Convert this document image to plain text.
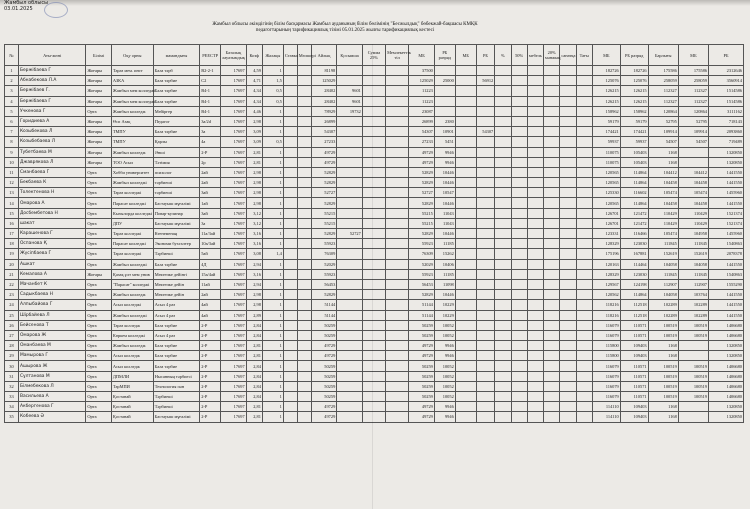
Жамбыл облысы
03.01.2025
Жамбыл облысы әкімдігінің білім басқармасы Жамбыл ауданының білім бөлімінің "Бесжылдық" бөбекжай-бақшасы КМҚК
педагогтарының тарификациялық тізімі 05.01.2025 жылғы тарификациялық кестесі
№	Аты-жөні	Білімі	Оқу орны	мамандығы	РЕЕСТР	Базалық лауазымдық	Коэф	Жалақы	Ставка	Мөлшері	Айлық	Қосымша	Сумма 25%	Мемлекеттік тіл	МБ	РБ разряд	МБ	РБ	%	50%	мебель	20% мәнжың	санатқа	Тағы	МБ	РБ разряд	Барлығы	МБ	РБ
1	Бержібаева Г	Жоғары	Тараз мем. инст	Бала тәрб	В2-2-1	17697	4,59	1			81198				37500										182726	182726	175586	175586	2312646
2	Абнабекова Л.А	Жоғары	АЗКА	Бала тәрбие	С2	17697	4,71	1,5			125029				125029	25000		56912							125076	125076	258059	258059	3560914
3	Бержібаев Г.	Жоғары	Жамбыл мем колледжі	Бала тәрбие	В4-1	17697	4,34	0,5			28402	9601			11223										126215	126215	112327	112327	1514586
4	Бержібаева Г	Жоғары	Жамбыл мем колледжі	Бала тәрбие	В4-1	17697	4,34	0,5			28402	9601			11223										126215	126215	112327	112327	1514586
5	Учкенова Г	Орта	Жамбыл колледж	Мейіргер	В4-1	17697	4,46	1			78929	19732			23087										158962	158962	120864	120864	3111162
6	Горидиева А	Жоғары	Өсп Азақ	Педагог	3a/2d	17697	2,98	1			26899				26899	2380									59179	59179	52795	52795	718143
7	Козыбекова Л	Жоғары	ТМПУ	Бала тәрбие	3a	17697	3,09	1			54307				54307	10901		54307							174421	174421	109914	109914	2093860
8	Козыбебаева Л	Жоғары	ТМПУ	Қарлы	4а	17697	3,09	0,5			27233				27233	5451									59937	59937	54507	54507	719489
9	Тубетбаева М	Жоғары	Жамбыл колледж	Әнші	2-Р	17697	2,81	1			49729				49729	9946									110075	105403	1168		1320850
10	Джаврякова Л	Жоғары	ТОО Асыл	Тәтімия	2р	17697	2,81	1			49729				49729	9946									110075	105403	1168		1320850
11	Сманбаева Г	Орта	Хобби университет	психолог	2ай	17697	2,98	1			52829				52829	10446									120565	114864	104412	104412	1441550
12	Бекбаева К	Орта	Жамбыл колледжі	тәрбиеші	2ай	17697	2,98	1			52829				52829	10446									120565	114864	104458	104458	1441550
13	Толектенова Н	Орта	Тараз колледжі	тәрбиеші	3ай	17697	2,98	1			52727				52727	10547									125330	116602	105474	105474	1455960
14	Омарова А	Орта	Парасат колледжі	Бастауыш мұғалімі	1ай	17697	2,98	1			52829				52829	10446									120565	114864	104458	104458	1441550
15	Досбембетова Н	Орта	Кызылорда колледжі	Повар-кулинар	3ай	17697	3,12	1			55215				55215	11043									126701	121472	110429	110429	1521374
16	шакат	Орта	ДПУ	Бастауыш мұғалімі	3а	17697	3,12	1			55215				55215	11043									126701	121472	110429	110429	1521374
17	Карашенова Г	Орта	Тараз колледжі	Ктенеменаң	11а/3ай	17697	3,16	1			52829	52727			52829	10446									123331	116466	105474	104958	1455960
18	Оспанова Қ	Орта	Парасат колледжі	Экономи бухгалтер	10а/3ай	17697	3,16	1			55923				55923	11185									128329	123030	111845	111845	1540863
19	Жүсіпбаева Г	Орта	Тараз колледжі	Тәрбиеші	5ай	17697	3,08	1,4			76309				76309	15262									175196	167881	152619	152619	2078378
20	Ашкат	Орта	Жамбыл колледжі	Бала тәрбие	4Д	17697	2,94	1			52029				52029	10406									120163	114464	104058	104058	1441550
21	Кемалова А	Жоғары	Қазақ ұлт мем унив	Мектепке дейінгі	15а/4ай	17697	3,16	1			55923				55923	11185									128329	123030	111845	111845	1540863
22	Мачанбет К	Орта	"Парасат" колледжі	Мектепке дейін	11ай	17697	2,94	1			56453				56453	11098									129567	124198	112907	112907	1555290
23	Садыкбаева Н	Орта	Жамбыл колледж	Мектепке дейін	2ай	17697	2,98	1			52829				52829	10446									120562	114864	104058	103764	1441550
24	Алпыбайова Г	Орта	Асыл колледжі	Асыл 4 раз	4ай	17697	2,98	1			51144				51144	10229									118216	112518	102289	102289	1441550
25	Шірбайева Л	Орта	Жамбыл колледжі	Асыл 4 раз	4ай	17697	2,89	1			51144				51144	10229									118216	112518	102289	102289	1441550
26	Бейсенова Т	Орта	Тараз колледж	Бала тәрбие	2-Р	17697	2,84	1			50259				50259	10052									116079	110571	100519	100519	1406680
27	Омарова Ж	Орта	Көркем колледжі	Асыл 4 раз	2-Р	17697	2,84	1			50259				50259	10052									116079	110571	100519	100519	1406680
28	Оманбаева М	Орта	Жамбыл колледж	Бала тәрбие	2-Р	17697	2,81	1			49729				49729	9946									115800	109403	1168		1320850
29	Мамырова Г	Орта	Асыл колледж	Бала тәрбие	2-Р	17697	2,81	1			49729				49729	9946									115800	109403	1168		1320850
30	Ашырова Ж	Орта	Асыл колледж	Бала тәрбие	2-Р	17697	2,84	1			50259				50259	10052									116079	110571	100519	100519	1406680
31	Сұлтанова М	Орта	ДПМЛИ	Нысанның тәрбиесі	2-Р	17697	2,84	1			50259				50259	10052									116079	110571	100519	100519	1406680
32	Білмебекова Л	Орта	ТарМПИ	Технология пән	2-Р	17697	2,84	1			50259				50259	10052									116079	110571	100519	100519	1406680
33	Васильева А	Орта	Қостанай	Тәрбиеші	2-Р	17697	2,84	1			50259				50259	10052									116079	110571	100519	100519	1406680
34	Акбергенова Г	Орта	Қостанай	Тәрбиеші	2-Р	17697	2,81	1			49729				49729	9946									114110	109403	1168		1320850
35	Кобеева Ә	Орта	Қостанай	Бастауыш мұғалімі	2-Р	17697	2,81	1			49729				49729	9946									114110	109403	1168		1320850
